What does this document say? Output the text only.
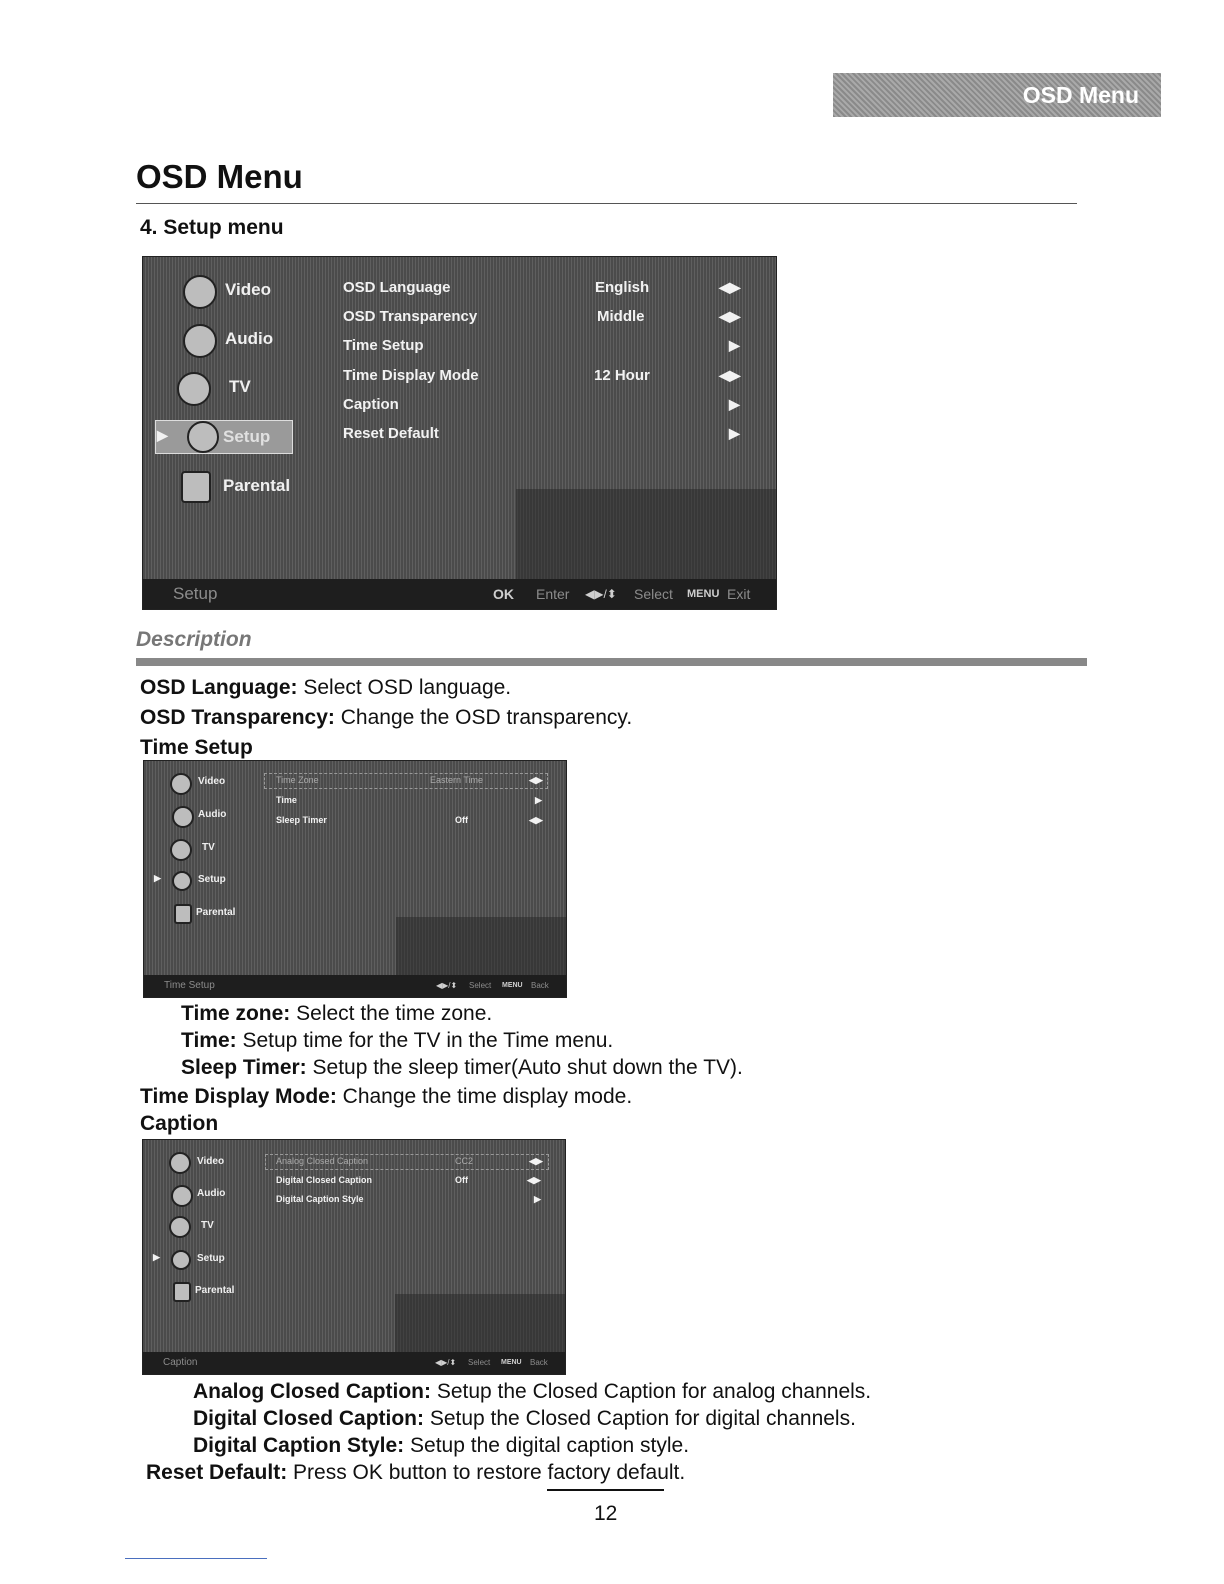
OSD Menu
OSD Menu
4. Setup menu
Video
Audio
TV
▶	Setup
Parental
OSD Language	English	◀▶
OSD Transparency	Middle	◀▶
Time Setup	▶
Time Display Mode	12 Hour	◀▶
Caption	▶
Reset Default	▶
Setup	OK Enter ◀▶/⬍ Select MENU Exit
Description
OSD Language: Select OSD language.
OSD Transparency: Change the OSD transparency.
Time Setup
Video
Audio
TV
▶	Setup
Parental
Time Zone	Eastern Time	◀▶
Time	▶
Sleep Timer	Off	◀▶
Time Setup	◀▶/⬍ Select MENU Back
Time zone: Select the time zone.
Time: Setup time for the TV in the Time menu.
Sleep Timer: Setup the sleep timer(Auto shut down the TV).
Time Display Mode: Change the time display mode.
Caption
Video
Audio
TV
▶	Setup
Parental
Analog Closed Caption	CC2	◀▶
Digital Closed Caption	Off	◀▶
Digital Caption Style	▶
Caption	◀▶/⬍ Select MENU Back
Analog Closed Caption: Setup the Closed Caption for analog channels.
Digital Closed Caption: Setup the Closed Caption for digital channels.
Digital Caption Style: Setup the digital caption style.
Reset Default: Press OK button to restore factory default.
12
